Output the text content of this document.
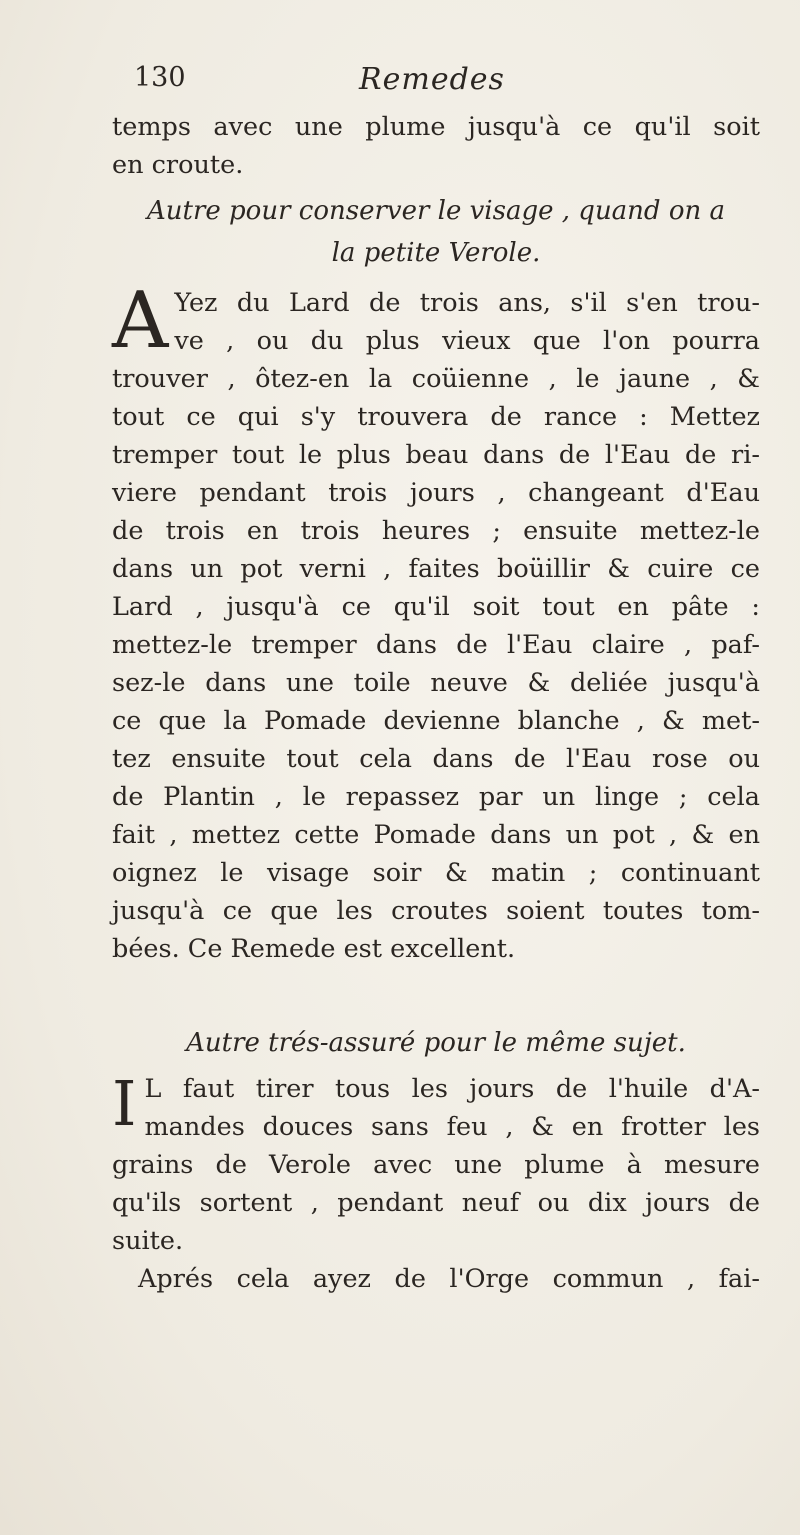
130	Remedes
temps avec une plume jusqu'à ce qu'il soit
en croute.
Autre pour conserver le visage , quand on a
la petite Verole.
A Yez du Lard de trois ans, s'il s'en trou-
ve , ou du plus vieux que l'on pourra
trouver , ôtez-en la coüienne , le jaune , &
tout ce qui s'y trouvera de rance : Mettez
tremper tout le plus beau dans de l'Eau de ri-
viere pendant trois jours , changeant d'Eau
de trois en trois heures ; ensuite mettez-le
dans un pot verni , faites boüillir & cuire ce
Lard , jusqu'à ce qu'il soit tout en pâte :
mettez-le tremper dans de l'Eau claire , paf-
sez-le dans une toile neuve & deliée jusqu'à
ce que la Pomade devienne blanche , & met-
tez ensuite tout cela dans de l'Eau rose ou
de Plantin , le repassez par un linge ; cela
fait , mettez cette Pomade dans un pot , & en
oignez le visage soir & matin ; continuant
jusqu'à ce que les croutes soient toutes tom-
bées. Ce Remede est excellent.
Autre trés-assuré pour le même sujet.
I L faut tirer tous les jours de l'huile d'A-
mandes douces sans feu , & en frotter les
grains de Verole avec une plume à mesure
qu'ils sortent , pendant neuf ou dix jours de
suite.
Aprés cela ayez de l'Orge commun , fai-
